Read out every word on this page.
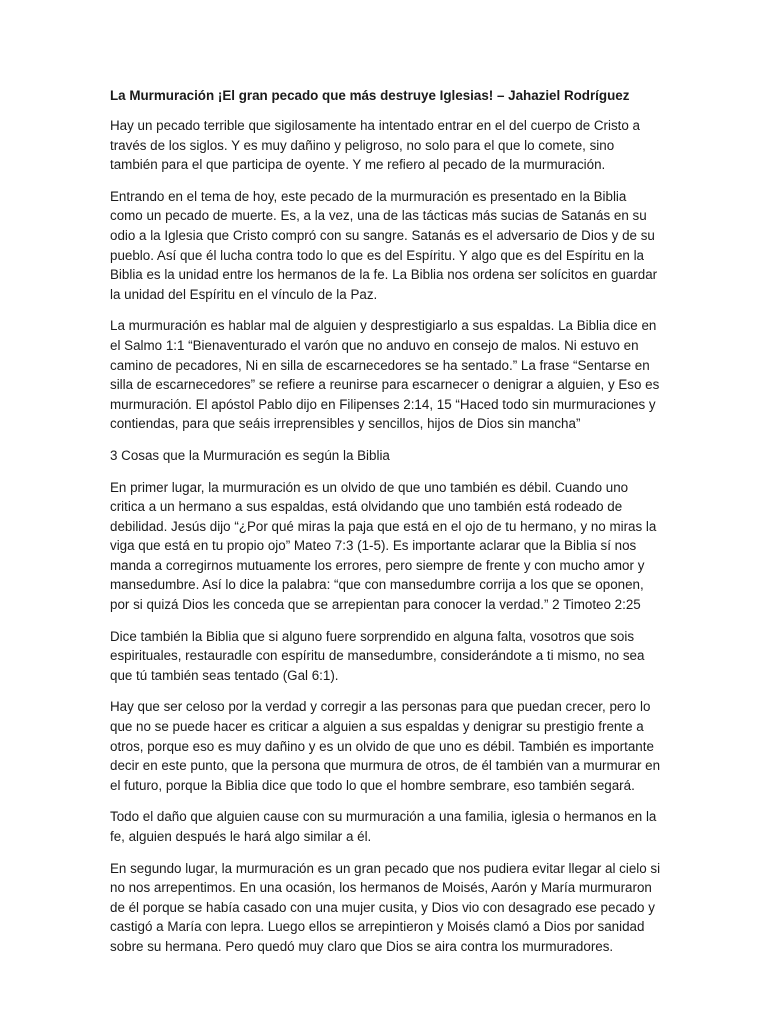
La Murmuración ¡El gran pecado que más destruye Iglesias! – Jahaziel Rodríguez

Hay un pecado terrible que sigilosamente ha intentado entrar en el del cuerpo de Cristo a través de los siglos. Y es muy dañino y peligroso, no solo para el que lo comete, sino también para el que participa de oyente. Y me refiero al pecado de la murmuración.

Entrando en el tema de hoy, este pecado de la murmuración es presentado en la Biblia como un pecado de muerte. Es, a la vez, una de las tácticas más sucias de Satanás en su odio a la Iglesia que Cristo compró con su sangre. Satanás es el adversario de Dios y de su pueblo. Así que él lucha contra todo lo que es del Espíritu. Y algo que es del Espíritu en la Biblia es la unidad entre los hermanos de la fe. La Biblia nos ordena ser solícitos en guardar la unidad del Espíritu en el vínculo de la Paz.

La murmuración es hablar mal de alguien y desprestigiarlo a sus espaldas. La Biblia dice en el Salmo 1:1 “Bienaventurado el varón que no anduvo en consejo de malos. Ni estuvo en camino de pecadores, Ni en silla de escarnecedores se ha sentado.” La frase “Sentarse en silla de escarnecedores” se refiere a reunirse para escarnecer o denigrar a alguien, y Eso es murmuración. El apóstol Pablo dijo en Filipenses 2:14, 15 “Haced todo sin murmuraciones y contiendas, para que seáis irreprensibles y sencillos, hijos de Dios sin mancha”

3 Cosas que la Murmuración es según la Biblia

En primer lugar, la murmuración es un olvido de que uno también es débil. Cuando uno critica a un hermano a sus espaldas, está olvidando que uno también está rodeado de debilidad. Jesús dijo “¿Por qué miras la paja que está en el ojo de tu hermano, y no miras la viga que está en tu propio ojo” Mateo 7:3 (1-5). Es importante aclarar que la Biblia sí nos manda a corregirnos mutuamente los errores, pero siempre de frente y con mucho amor y mansedumbre. Así lo dice la palabra: “que con mansedumbre corrija a los que se oponen, por si quizá Dios les conceda que se arrepientan para conocer la verdad.” 2 Timoteo 2:25

Dice también la Biblia que si alguno fuere sorprendido en alguna falta, vosotros que sois espirituales, restauradle con espíritu de mansedumbre, considerándote a ti mismo, no sea que tú también seas tentado (Gal 6:1).

Hay que ser celoso por la verdad y corregir a las personas para que puedan crecer, pero lo que no se puede hacer es criticar a alguien a sus espaldas y denigrar su prestigio frente a otros, porque eso es muy dañino y es un olvido de que uno es débil. También es importante decir en este punto, que la persona que murmura de otros, de él también van a murmurar en el futuro, porque la Biblia dice que todo lo que el hombre sembrare, eso también segará.

Todo el daño que alguien cause con su murmuración a una familia, iglesia o hermanos en la fe, alguien después le hará algo similar a él.

En segundo lugar, la murmuración es un gran pecado que nos pudiera evitar llegar al cielo si no nos arrepentimos. En una ocasión, los hermanos de Moisés, Aarón y María murmuraron de él porque se había casado con una mujer cusita, y Dios vio con desagrado ese pecado y castigó a María con lepra. Luego ellos se arrepintieron y Moisés clamó a Dios por sanidad sobre su hermana. Pero quedó muy claro que Dios se aira contra los murmuradores.
